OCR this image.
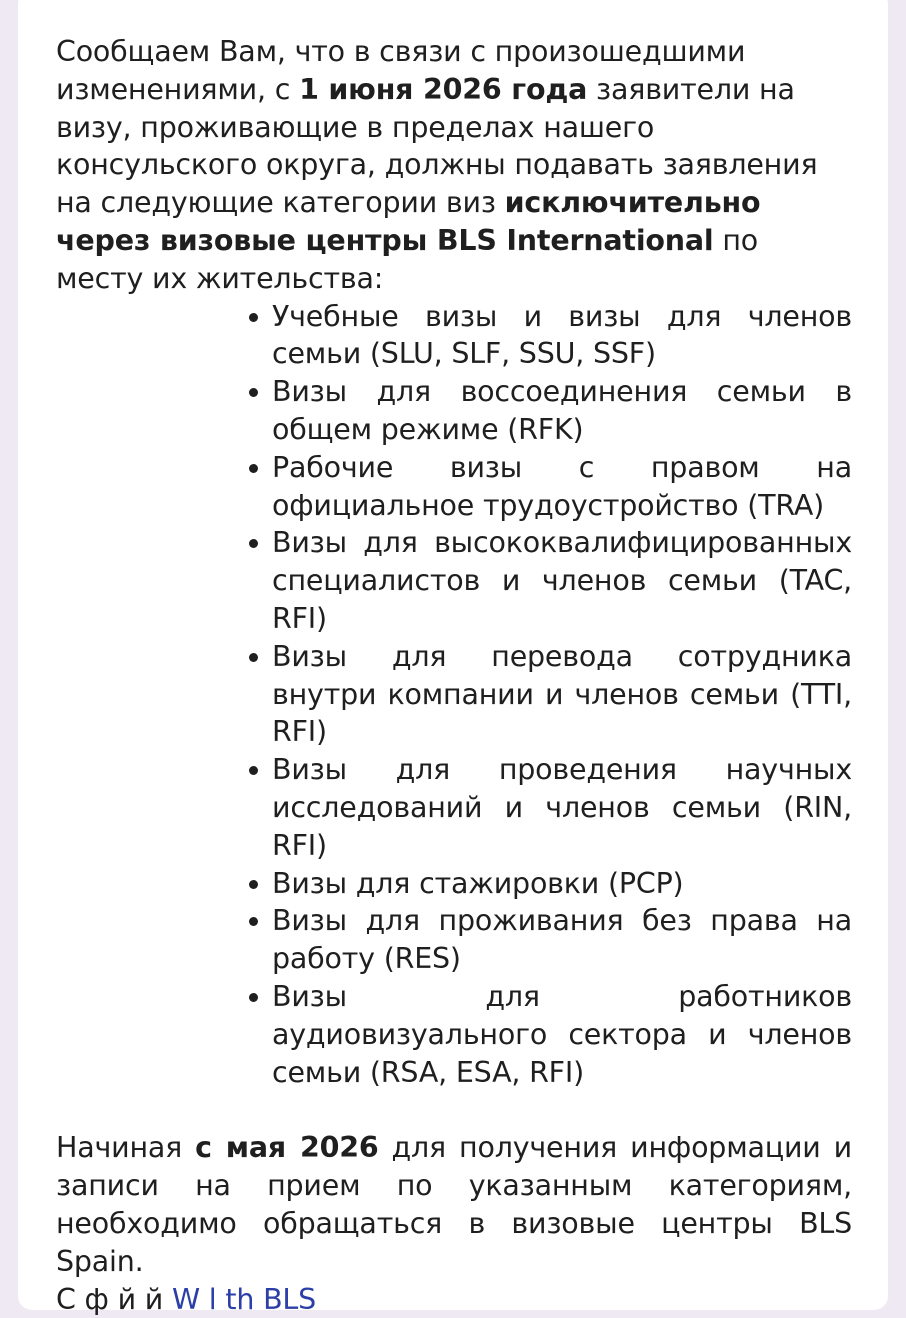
Сообщаем Вам, что в связи с произошедшими изменениями, с 1 июня 2026 года заявители на визу, проживающие в пределах нашего консульского округа, должны подавать заявления на следующие категории виз исключительно через визовые центры BLS International по месту их жительства:

Учебные визы и визы для членов семьи (SLU, SLF, SSU, SSF)
Визы для воссоединения семьи в общем режиме (RFK)
Рабочие визы с правом на официальное трудоустройство (TRA)
Визы для высококвалифицированных специалистов и членов семьи (TAC, RFI)
Визы для перевода сотрудника внутри компании и членов семьи (TTI, RFI)
Визы для проведения научных исследований и членов семьи (RIN, RFI)
Визы для стажировки (PCP)
Визы для проживания без права на работу (RES)
Визы для работников аудиовизуального сектора и членов семьи (RSA, ESA, RFI)

Начиная с мая 2026 для получения информации и записи на прием по указанным категориям, необходимо обращаться в визовые центры BLS Spain.

С ф й й W l th BLS
